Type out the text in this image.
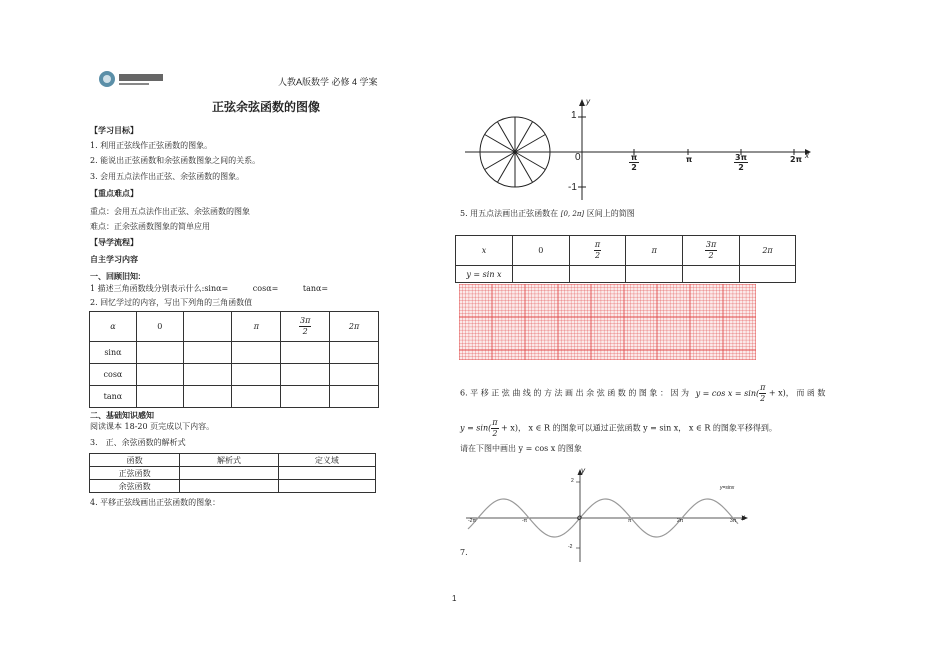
人教A版数学 必修 4 学案
正弦余弦函数的图像
【学习目标】
1. 利用正弦线作正弦函数的图象。
2. 能说出正弦函数和余弦函数图象之间的关系。
3. 会用五点法作出正弦、余弦函数的图象。
【重点难点】
重点：会用五点法作出正弦、余弦函数的图象
难点：正余弦函数图象的简单应用
【导学流程】
自主学习内容
一、回顾旧知:
1 描述三角函数线分别表示什么:sinα=	cosα=	tanα=
2. 回忆学过的内容，写出下列角的三角函数值
α	0		π	$\frac{3\pi}{2}$	2π
sinα					
cosα					
tanα					
二、基础知识感知
阅读课本 18-20 页完成以下内容。
3． 正、余弦函数的解析式
函数	解析式	定义域
正弦函数		
余弦函数		
4. 平移正弦线画出正弦函数的图象：
y
x
1
-1
0	π
2
π	3π
2
2π
5. 用五点法画出正弦函数在 [0, 2π] 区间上的简图
x	0	$\frac{\pi}{2}$	π	$\frac{3\pi}{2}$	2π
y = sin x					
6. 平 移 正 弦 曲 线 的 方 法 画 出 余 弦 函 数 的 图 象 ： 因 为 $y = \cos x = \sin( \frac{\pi}{2} + x)$， 而 函 数
$y = \sin( \frac{\pi}{2} + x)$， x ∈ R 的图象可以通过正弦函数 y = sin x， x ∈ R 的图象平移得到。
请在下图中画出 y = cos x 的图象
y
x
y=sinx
2
-2
O
-2π	-π	π	2π	3π
7.
1
